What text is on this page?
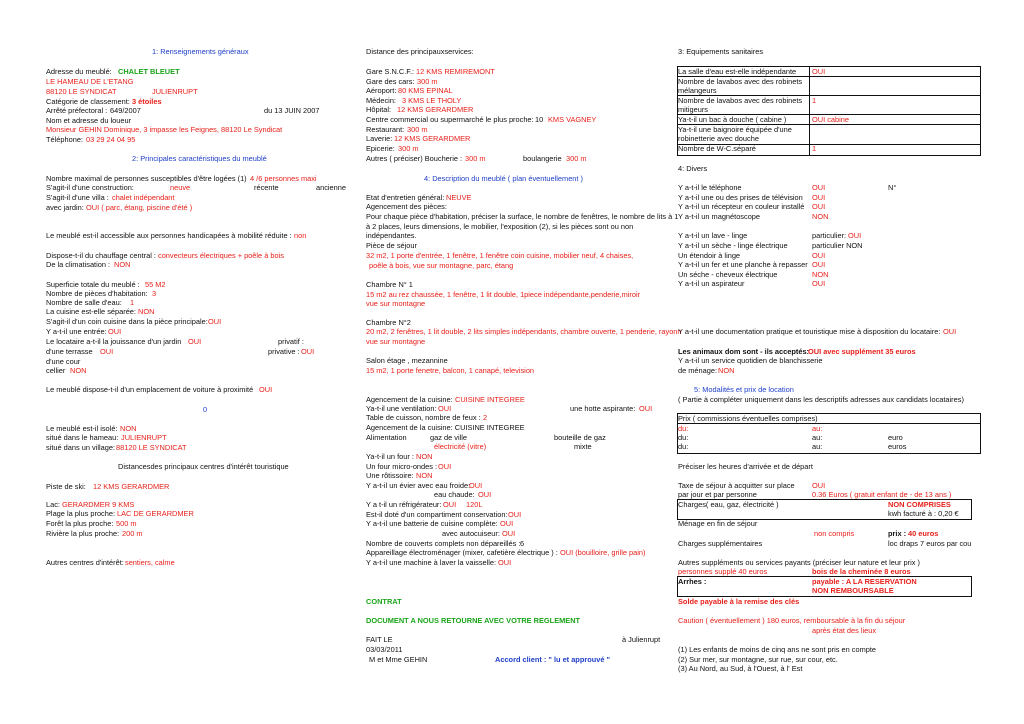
1: Renseignements généraux
Adresse du meublé: CHALET BLEUET
LE HAMEAU DE L'ETANG
88120 LE SYNDICAT	JULIENRUPT
Catégorie de classement: 3 étoiles
Arrêté préfectoral : 649/2007	du 13 JUIN 2007
Nom et adresse du loueur
Monsieur GEHIN Dominique, 3 impasse les Feignes, 88120 Le Syndicat
Téléphone: 03 29 24 04 95
2: Principales caractéristiques du meublé
Nombre maximal de personnes susceptibles d'être logées (1) 4 /6 personnes maxi
S'agit-il d'une construction:	neuve	récente	ancienne
S'agit-il d'une villa : chalet indépendant
avec jardin: OUI ( parc, étang, piscine d'été )
Le meublé est-il accessible aux personnes handicapées à mobilité réduite : non
Dispose-t-il du chauffage central : convecteurs électriques + poêle à bois
De la climatisation : NON
Superficie totale du meublé : 55 M2
Nombre de pièces d'habitation: 3
Nombre de salle d'eau: 1
La cuisine est-elle séparée: NON
S'agit-il d'un coin cuisine dans la pièce principale: OUI
Y a-t-il une entrée: OUI
Le locataire a-t-il la jouissance d'un jardin OUI	privatif :
d'une terrasse OUI	privative : OUI
d'une cour
cellier NON
Le meublé dispose-t-il d'un emplacement de voiture à proximité OUI
0
Le meublé est-il isolé: NON
situé dans le hameau: JULIENRUPT
situé dans un village: 88120 LE SYNDICAT
Distancesdes principaux centres d'intérêt touristique
Piste de ski: 12 KMS GERARDMER
Lac: GERARDMER 9 KMS
Plage la plus proche: LAC DE GERARDMER
Forêt la plus proche: 500 m
Rivière la plus proche: 200 m
Autres centres d'intérêt: sentiers, calme
Distance des principauxservices:
Gare S.N.C.F.: 12 KMS REMIREMONT
Gare des cars: 300 m
Aéroport: 80 KMS EPINAL
Médecin: 3 KMS LE THOLY
Hôpital: 12 KMS GERARDMER
Centre commercial ou supermarché le plus proche: 10 KMS VAGNEY
Restaurant: 300 m
Laverie: 12 KMS GERARDMER
Epicerie: 300 m
Autres ( préciser) Boucherie : 300 m	boulangerie 300 m
4: Description du meublé ( plan éventuellement )
Etat d'entretien général: NEUVE
Agencement des pièces:
Pour chaque pièce d'habitation, préciser la surface, le nombre de fenêtres, le nombre de lits à 1
à 2 places, leurs dimensions, le mobilier, l'exposition (2), si les pièces sont ou non
indépendantes.
Pièce de séjour
32 m2, 1 porte d'entrée, 1 fenêtre, 1 fenêtre coin cuisine, mobilier neuf, 4 chaises,
poêle à bois, vue sur montagne, parc, étang
Chambre N° 1
15 m2 au rez chaussée, 1 fenêtre, 1 lit double, 1piece indépendante,penderie,miroir
vue sur montagne
Chambre N°2
20 m2, 2 fenêtres, 1 lit double, 2 lits simples indépendants, chambre ouverte, 1 penderie, rayonn
vue sur montagne
Salon étage , mezannine
15 m2, 1 porte fenetre, balcon, 1 canapé, television
Agencement de la cuisine: CUISINE INTEGREE
Ya-t-il une ventilation: OUI	une hotte aspirante: OUI
Table de cuisson, nombre de feux : 2
Agencement de la cuisine: CUISINE INTEGREE
Alimentation	gaz de ville	bouteille de gaz
électricité (vitre)	mixte
Ya-t-il un four : NON
Un four micro-ondes : OUI
Une rôtissoire: NON
Y a-t-il un évier avec eau froide:
OUI
eau chaude: OUI
Y a t-il un réfrigérateur: OUI 120L
Est-il doté d'un compartiment conservation: OUI
Y a-t-il une batterie de cuisine complète: OUI
avec autocuiseur: OUI
Nombre de couverts complets non dépareillés : 6
Appareillage électroménager (mixer, cafetière électrique ) : OUI (bouilloire, grille pain)
Y a-t-il une machine à laver la vaisselle: OUI
CONTRAT
DOCUMENT A NOUS RETOURNE AVEC VOTRE REGLEMENT
FAIT LE	à Julienrupt
03/03/2011
M et Mme GEHIN	Accord client : " lu et approuvé "
3: Equipements sanitaires
La salle d'eau est-elle indépendante OUI
Nombre de lavabos avec des robinets
mélangeurs
Nombre de lavabos avec des robinets 1
mitigeurs
Ya-t-il un bac à douche ( cabine )	OUI cabine
Ya-t-il une baignoire équipée d'une
robinetterie avec douche
Nombre de W-C.séparé	1
4: Divers
Y a-t-il le téléphone	OUI	N°
Y a-t-il une ou des prises de télévision OUI
Y a-t-il un récepteur en couleur installé OUI
Y a-t-il un magnétoscope	NON
Y a-t-il un lave - linge	particulier: OUI
Y a-t-il un sèche - linge électrique	particulier NON
Un étendoir à linge	OUI
Y a-t-il un fer et une planche à repasser OUI
Un séche - cheveux électrique	NON
Y a-t-il un aspirateur	OUI
Y a-t-il une documentation pratique et touristique mise à disposition du locataire: OUI
Les animaux dom sont - ils acceptés:
OUI avec supplément 35 euros
Y a-t-il un service quotidien de blanchisserie
de ménage: NON
5: Modalités et prix de location
( Partie à compléter uniquement dans les descriptifs adresses aux candidats locataires)
Prix ( commissions éventuelles comprises)
du:	au:
du:	au:	euro
du:	au:	euros
Préciser les heures d'arrivée et de départ
Taxe de séjour à acquitter sur place OUI
par jour et par personne	0.36 Euros ( gratuit enfant de - de 13 ans )
Charges( eau, gaz, électricité )	NON COMPRISES
kwh facturé à : 0,20 €
Ménage en fin de séjour
non compris	prix : 40 euros
Charges supplémentaires	loc draps 7 euros par cou
Autres suppléments ou services payants (préciser leur nature et leur prix )
personnes supplé 40 euros	bois de la cheminée 8 euros
Arrhes :	payable : A LA RESERVATION
NON REMBOURSABLE
Solde payable à la remise des clés
Caution ( éventuellement ) 180 euros, remboursable à la fin du séjour
après état des lieux
(1) Les enfants de moins de cinq ans ne sont pris en compte
(2) Sur mer, sur montagne, sur rue, sur cour, etc.
(3) Au Nord, au Sud, à l'Ouest, à l' Est
